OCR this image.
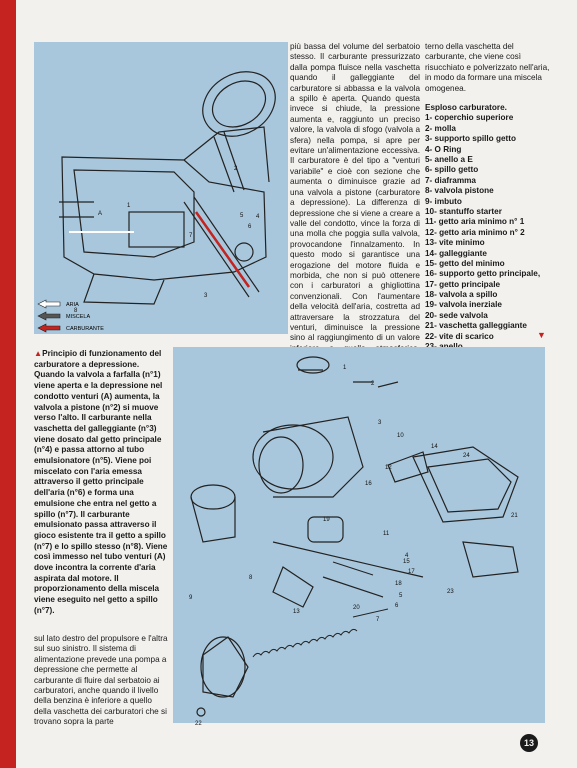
A
1
2
3
4
5
6
7
8
ARIA
MISCELA
CARBURANTE

più bassa del volume del serbatoio stesso. Il carburante pressurizzato dalla pompa fluisce nella vaschetta quando il galleggiante del carburatore si abbassa e la valvola a spillo è aperta. Quando questa invece si chiude, la pressione aumenta e, raggiunto un preciso valore, la valvola di sfogo (valvola a sfera) nella pompa, si apre per evitare un'alimentazione eccessiva. Il carburatore è del tipo a "venturi variabile" e cioè con sezione che aumenta o diminuisce grazie ad una valvola a pistone (carburatore a depressione). La differenza di depressione che si viene a creare a valle del condotto, vince la forza di una molla che poggia sulla valvola, provocandone l'innalzamento. In questo modo si garantisce una erogazione del motore fluida e morbida, che non si può ottenere con i carburatori a ghigliottina convenzionali. Con l'aumentare della velocità dell'aria, costretta ad attraversare la strozzatura del venturi, diminuisce la pressione sino al raggiungimento di un valore

terno della vaschetta del carburante, che viene così risucchiato e polverizzato nell'aria, in modo da formare una miscela omogenea.

Esploso carburatore.

1- coperchio superiore
2- molla
3- supporto spillo getto
4- O Ring
5- anello a E
6- spillo getto
7- diaframma
8- valvola pistone
9- imbuto
10- stantuffo starter
11- getto aria minimo n° 1
12- getto aria minimo n° 2
13- vite minimo
14- galleggiante
15- getto del minimo
16- supporto getto principale,
17- getto principale
18- valvola a spillo
19- valvola inerziale
20- sede valvola
21- vaschetta galleggiante
22- vite di scarico	▼
▲Principio di funzionamento del carburatore a depressione. Quando la valvola a farfalla (n°1) viene aperta e la depressione nel condotto venturi (A) aumenta, la valvola a pistone (n°2) si muove verso l'alto. Il carburante nella vaschetta del galleggiante (n°3) viene dosato dal getto principale (n°4) e passa attorno al tubo emulsionatore (n°5). Viene poi miscelato con l'aria emessa attraverso il getto principale dell'aria (n°6) e forma una emulsione che entra nel getto a spillo (n°7). Il carburante emulsionato passa attraverso il gioco esistente tra il getto a spillo (n°7) e lo spillo stesso (n°8). Viene così immesso nel tubo venturi (A) dove incontra la corrente d'aria aspirata dal motore. Il proporzionamento della miscela viene eseguito nel getto a spillo (n°7).

sul lato destro del propulsore e l'altra sul suo sinistro. Il sistema di alimentazione prevede una pompa a depressione che permette al carburante di fluire dal serbatoio ai carburatori, anche quando il livello della benzina è inferiore a quello della vaschetta dei carburatori che si trovano sopra la parte

1
2
3
4
5
6
7
8
9
10
11
12
13
14
15
16
17
18
19
20
21
22
23
24
13
